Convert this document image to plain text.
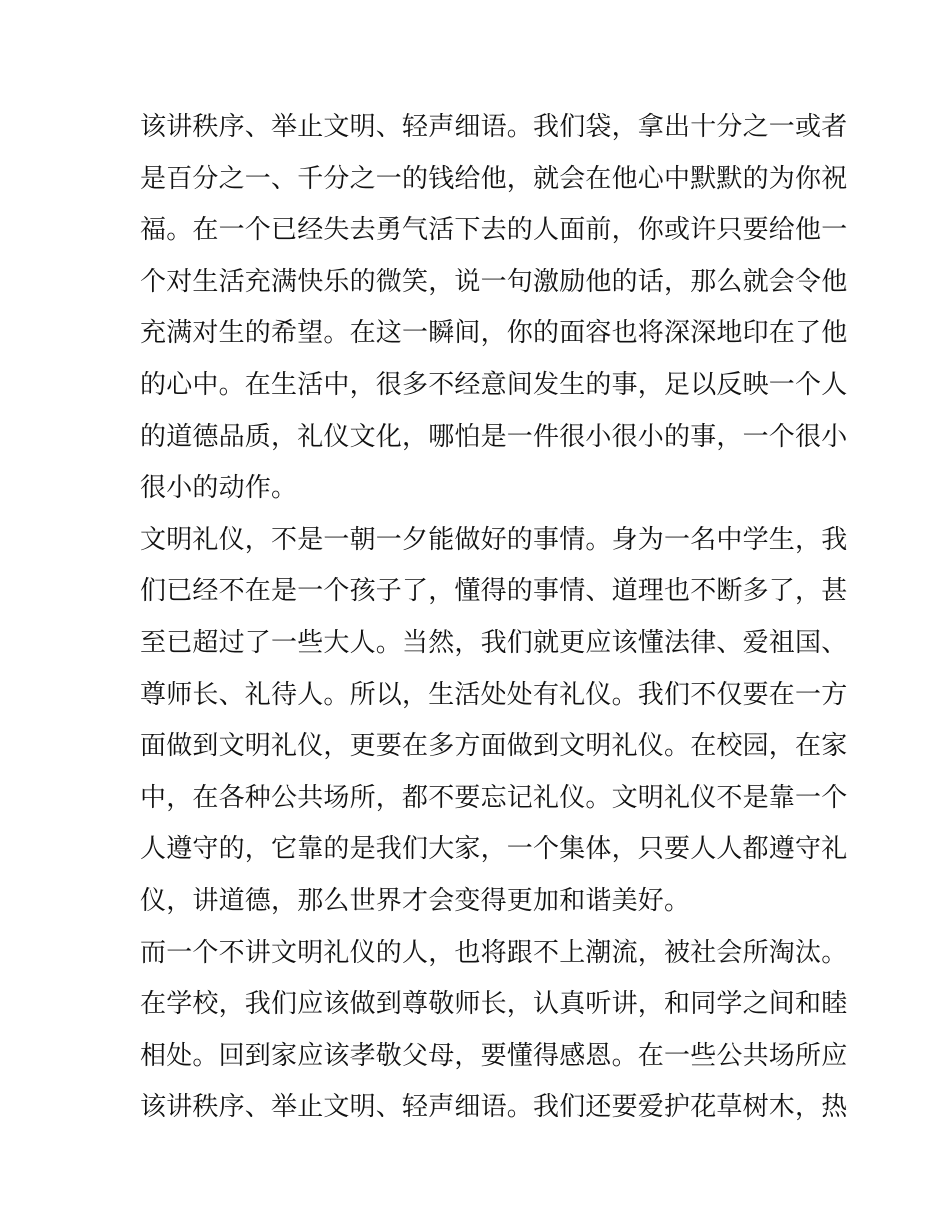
该讲秩序、举止文明、轻声细语。我们袋，拿出十分之一或者
是百分之一、千分之一的钱给他，就会在他心中默默的为你祝
福。在一个已经失去勇气活下去的人面前，你或许只要给他一
个对生活充满快乐的微笑，说一句激励他的话，那么就会令他
充满对生的希望。在这一瞬间，你的面容也将深深地印在了他
的心中。在生活中，很多不经意间发生的事，足以反映一个人
的道德品质，礼仪文化，哪怕是一件很小很小的事，一个很小
很小的动作。
文明礼仪，不是一朝一夕能做好的事情。身为一名中学生，我
们已经不在是一个孩子了，懂得的事情、道理也不断多了，甚
至已超过了一些大人。当然，我们就更应该懂法律、爱祖国、
尊师长、礼待人。所以，生活处处有礼仪。我们不仅要在一方
面做到文明礼仪，更要在多方面做到文明礼仪。在校园，在家
中，在各种公共场所，都不要忘记礼仪。文明礼仪不是靠一个
人遵守的，它靠的是我们大家，一个集体，只要人人都遵守礼
仪，讲道德，那么世界才会变得更加和谐美好。
而一个不讲文明礼仪的人，也将跟不上潮流，被社会所淘汰。
在学校，我们应该做到尊敬师长，认真听讲，和同学之间和睦
相处。回到家应该孝敬父母，要懂得感恩。在一些公共场所应
该讲秩序、举止文明、轻声细语。我们还要爱护花草树木，热
